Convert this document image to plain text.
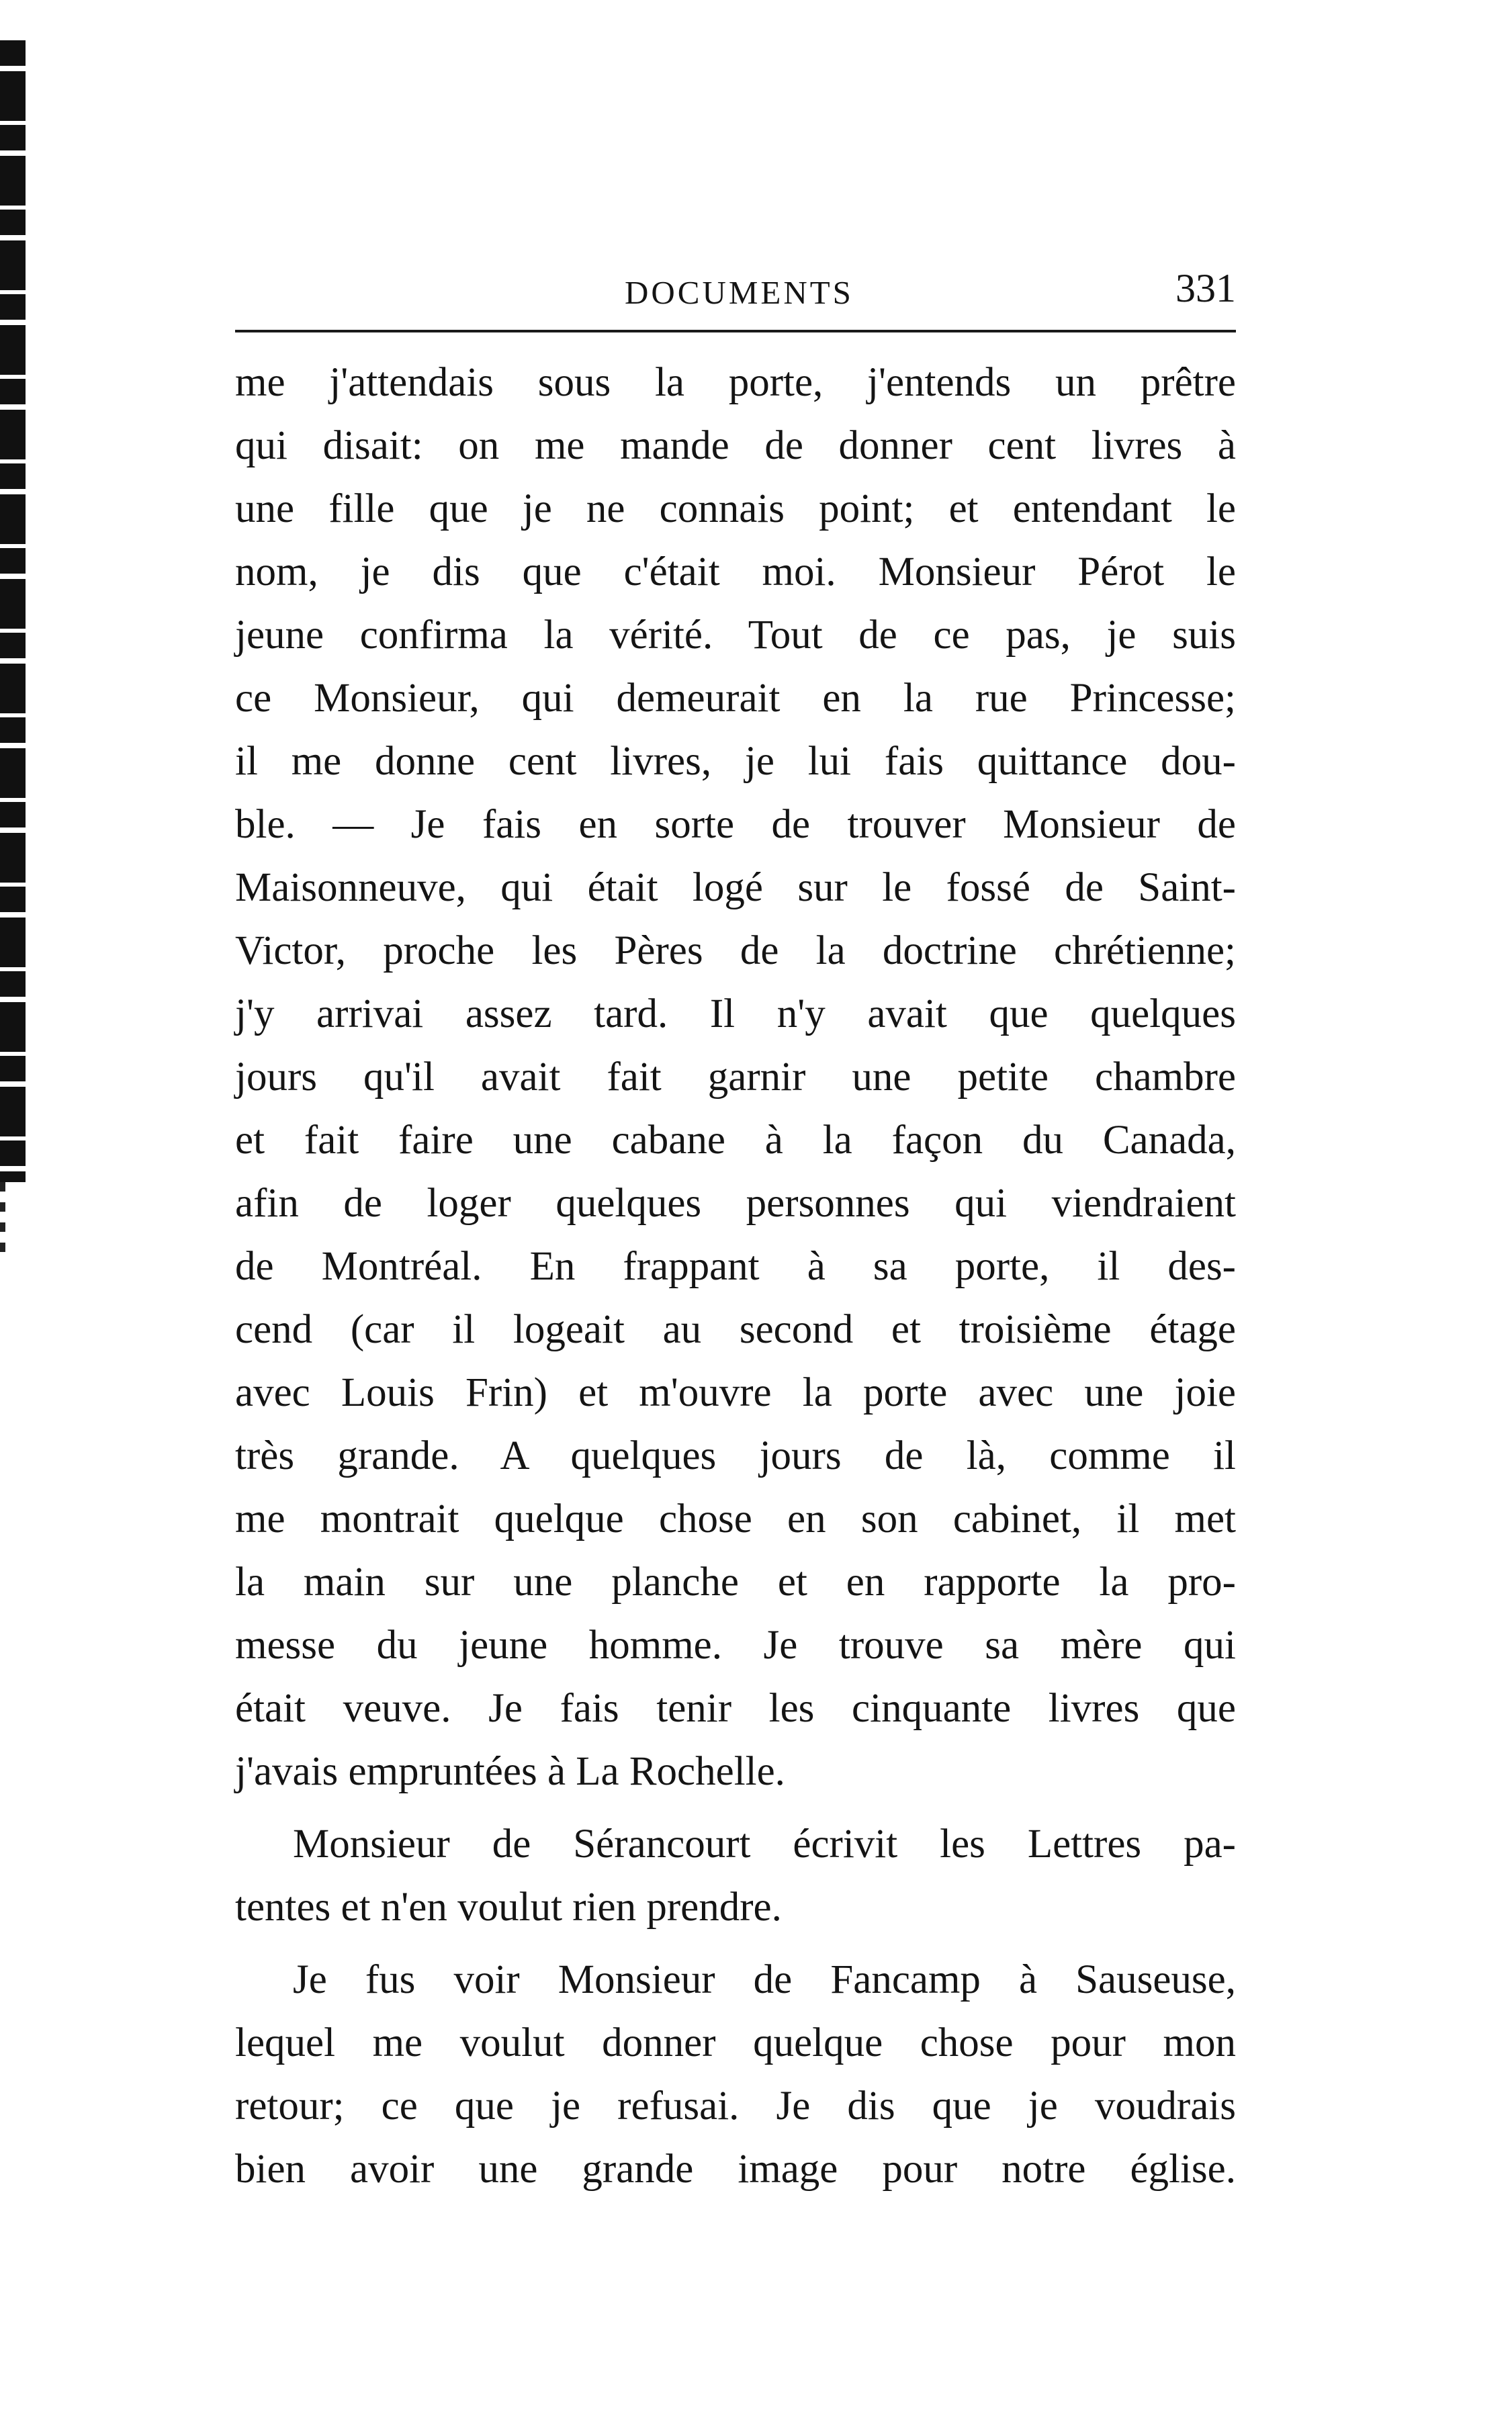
DOCUMENTS	331
me j'attendais sous la porte, j'entends un prêtre
qui disait: on me mande de donner cent livres à
une fille que je ne connais point; et entendant le
nom, je dis que c'était moi. Monsieur Pérot le
jeune confirma la vérité. Tout de ce pas, je suis
ce Monsieur, qui demeurait en la rue Princesse;
il me donne cent livres, je lui fais quittance dou-
ble. — Je fais en sorte de trouver Monsieur de
Maisonneuve, qui était logé sur le fossé de Saint-
Victor, proche les Pères de la doctrine chrétienne;
j'y arrivai assez tard. Il n'y avait que quelques
jours qu'il avait fait garnir une petite chambre
et fait faire une cabane à la façon du Canada,
afin de loger quelques personnes qui viendraient
de Montréal. En frappant à sa porte, il des-
cend (car il logeait au second et troisième étage
avec Louis Frin) et m'ouvre la porte avec une joie
très grande. A quelques jours de là, comme il
me montrait quelque chose en son cabinet, il met
la main sur une planche et en rapporte la pro-
messe du jeune homme. Je trouve sa mère qui
était veuve. Je fais tenir les cinquante livres que
j'avais empruntées à La Rochelle.
Monsieur de Sérancourt écrivit les Lettres pa-
tentes et n'en voulut rien prendre.
Je fus voir Monsieur de Fancamp à Sauseuse,
lequel me voulut donner quelque chose pour mon
retour; ce que je refusai. Je dis que je voudrais
bien avoir une grande image pour notre église.
